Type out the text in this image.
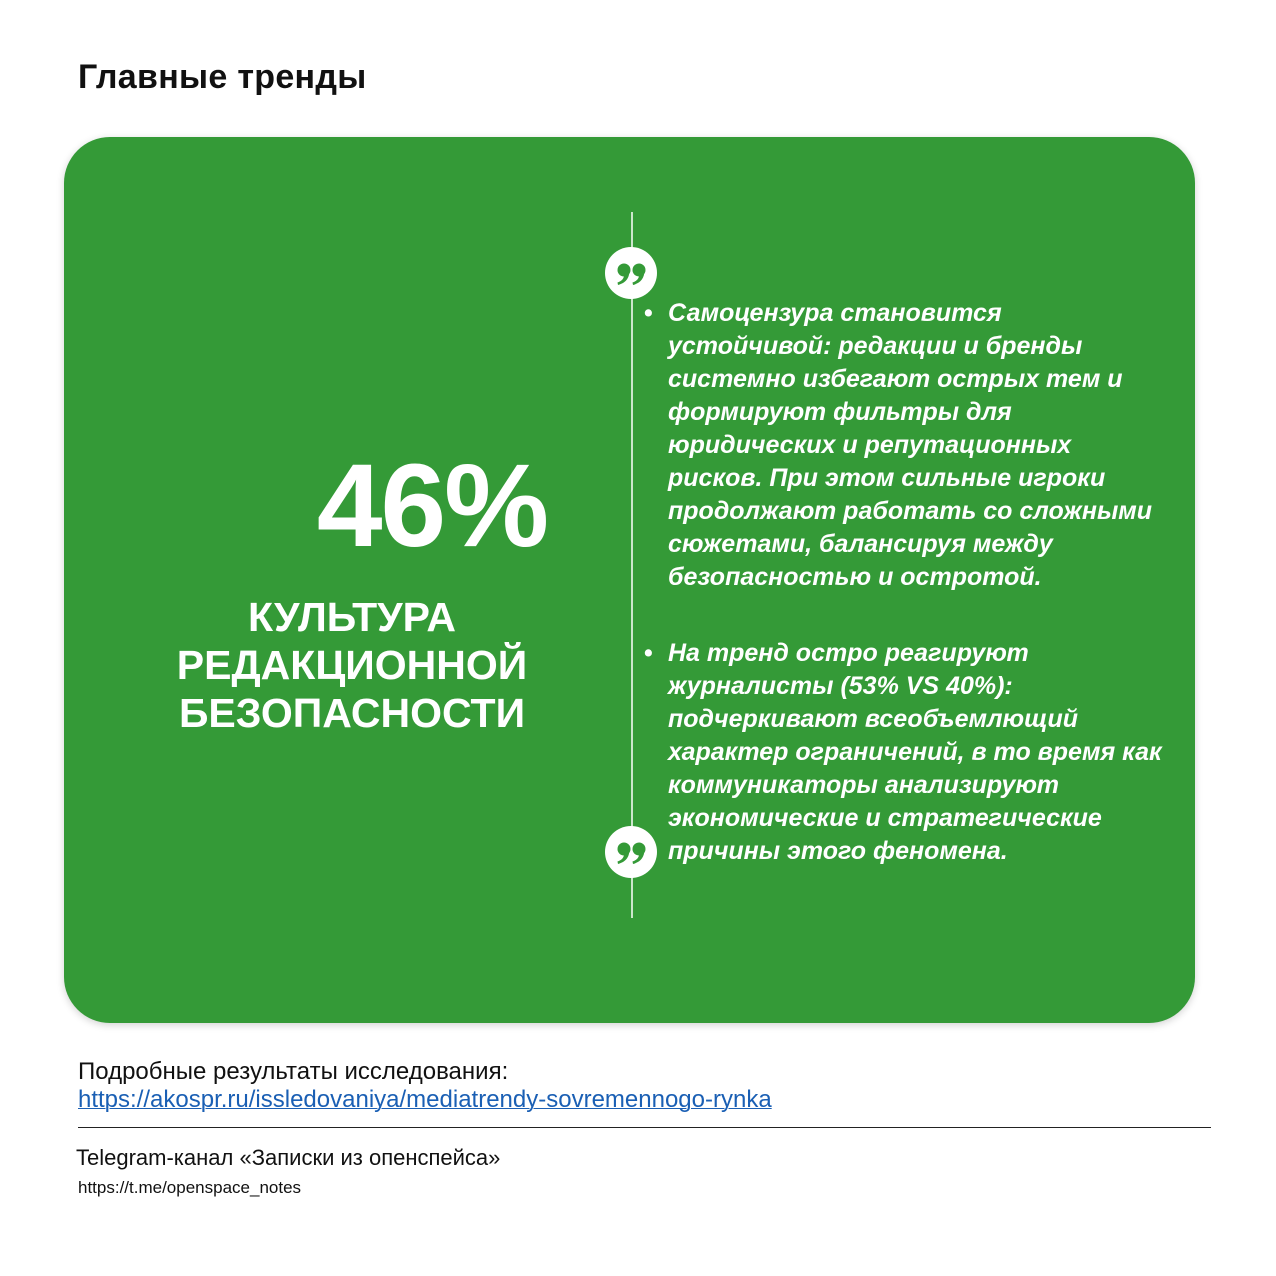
Главные тренды
46%
КУЛЬТУРА
РЕДАКЦИОННОЙ
БЕЗОПАСНОСТИ
• Самоцензура становится устойчивой: редакции и бренды системно избегают острых тем и формируют фильтры для юридических и репутационных рисков. При этом сильные игроки продолжают работать со сложными сюжетами, балансируя между безопасностью и остротой.
• На тренд остро реагируют журналисты (53% VS 40%): подчеркивают всеобъемлющий характер ограничений, в то время как коммуникаторы анализируют экономические и стратегические причины этого феномена.
Подробные результаты исследования:
https://akospr.ru/issledovaniya/mediatrendy-sovremennogo-rynka
Telegram-канал «Записки из опенспейса»
https://t.me/openspace_notes
